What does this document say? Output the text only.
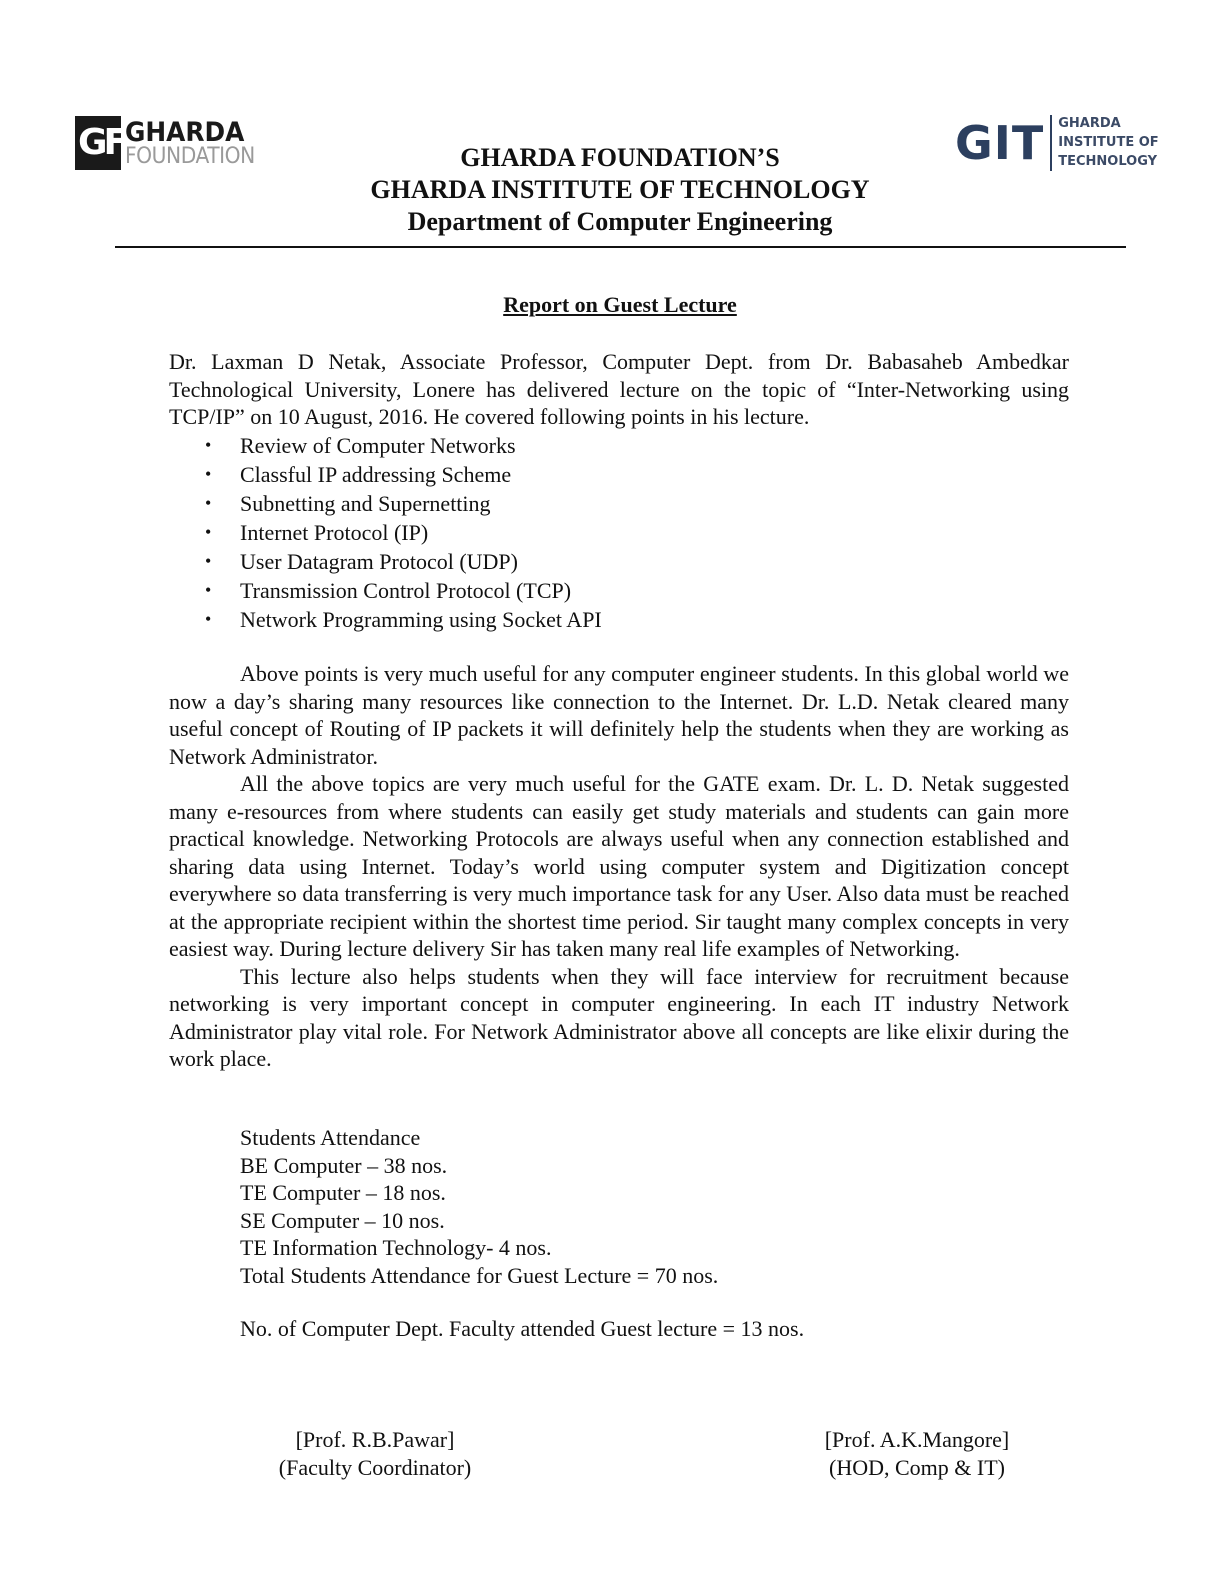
GF GHARDA
FOUNDATION	GIT GHARDA
INSTITUTE OF
TECHNOLOGY
GHARDA FOUNDATION’S
GHARDA INSTITUTE OF TECHNOLOGY
Department of Computer Engineering
Report on Guest Lecture
Dr. Laxman D Netak, Associate Professor, Computer Dept. from Dr. Babasaheb Ambedkar Technological University, Lonere has delivered lecture on the topic of “Inter-Networking using TCP/IP” on 10 August, 2016. He covered following points in his lecture.
• Review of Computer Networks
• Classful IP addressing Scheme
• Subnetting and Supernetting
• Internet Protocol (IP)
• User Datagram Protocol (UDP)
• Transmission Control Protocol (TCP)
• Network Programming using Socket API

Above points is very much useful for any computer engineer students. In this global world we now a day’s sharing many resources like connection to the Internet. Dr. L.D. Netak cleared many useful concept of Routing of IP packets it will definitely help the students when they are working as Network Administrator.

All the above topics are very much useful for the GATE exam. Dr. L. D. Netak suggested many e-resources from where students can easily get study materials and students can gain more practical knowledge. Networking Protocols are always useful when any connection established and sharing data using Internet. Today’s world using computer system and Digitization concept everywhere so data transferring is very much importance task for any User. Also data must be reached at the appropriate recipient within the shortest time period. Sir taught many complex concepts in very easiest way. During lecture delivery Sir has taken many real life examples of Networking.

This lecture also helps students when they will face interview for recruitment because networking is very important concept in computer engineering. In each IT industry Network Administrator play vital role. For Network Administrator above all concepts are like elixir during the work place.

Students Attendance
BE Computer – 38 nos.
TE Computer – 18 nos.
SE Computer – 10 nos.
TE Information Technology- 4 nos.
Total Students Attendance for Guest Lecture = 70 nos.
No. of Computer Dept. Faculty attended Guest lecture = 13 nos.
[Prof. R.B.Pawar]
(Faculty Coordinator)
[Prof. A.K.Mangore]
(HOD, Comp & IT)
